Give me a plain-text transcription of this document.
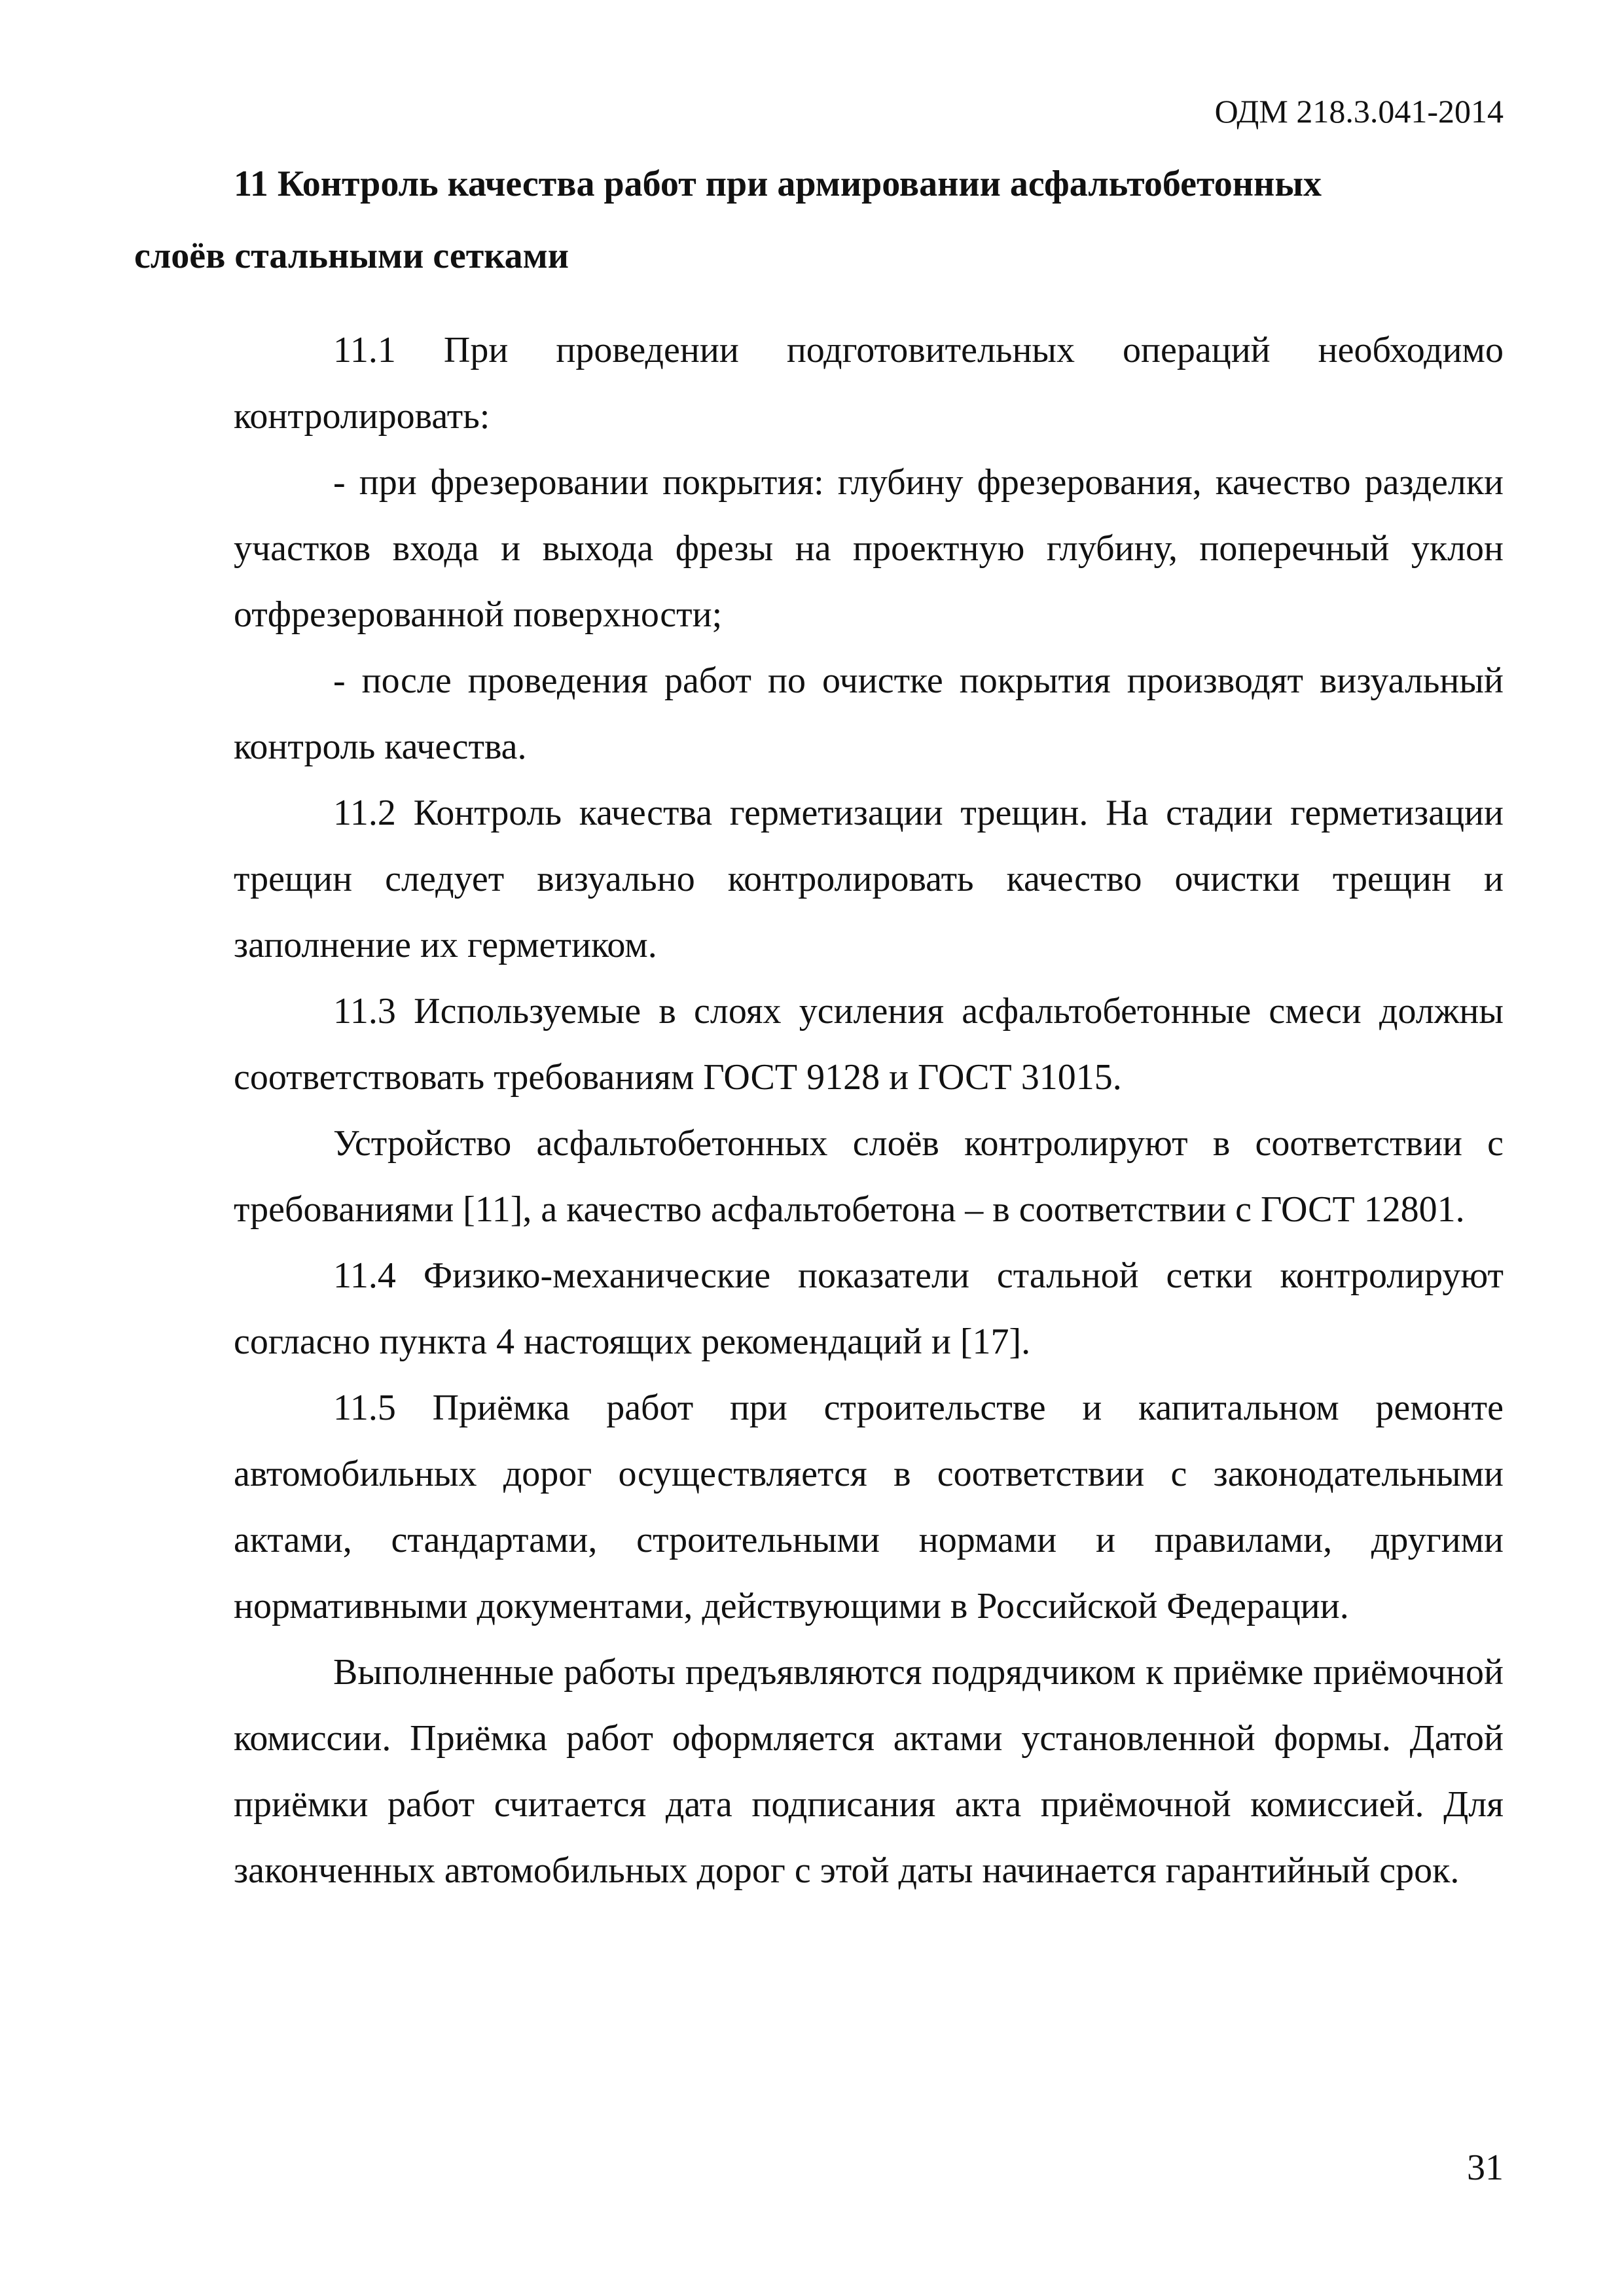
ОДМ 218.3.041-2014
11 Контроль качества работ при армировании асфальтобетонных
слоёв стальными сетками

11.1 При проведении подготовительных операций необходимо контролировать:

- при фрезеровании покрытия: глубину фрезерования, качество разделки участков входа и выхода фрезы на проектную глубину, поперечный уклон отфрезерованной поверхности;

- после проведения работ по очистке покрытия производят визуальный контроль качества.

11.2 Контроль качества герметизации трещин. На стадии герметизации трещин следует визуально контролировать качество очистки трещин и заполнение их герметиком.

11.3 Используемые в слоях усиления асфальтобетонные смеси должны соответствовать требованиям ГОСТ 9128 и ГОСТ 31015.

Устройство асфальтобетонных слоёв контролируют в соответствии с требованиями [11], а качество асфальтобетона – в соответствии с ГОСТ 12801.

11.4 Физико-механические показатели стальной сетки контролируют согласно пункта 4 настоящих рекомендаций и [17].

11.5 Приёмка работ при строительстве и капитальном ремонте автомобильных дорог осуществляется в соответствии с законодательными актами, стандартами, строительными нормами и правилами, другими нормативными документами, действующими в Российской Федерации.

Выполненные работы предъявляются подрядчиком к приёмке приёмочной комиссии. Приёмка работ оформляется актами установленной формы. Датой приёмки работ считается дата подписания акта приёмочной комиссией. Для законченных автомобильных дорог с этой даты начинается гарантийный срок.

31
